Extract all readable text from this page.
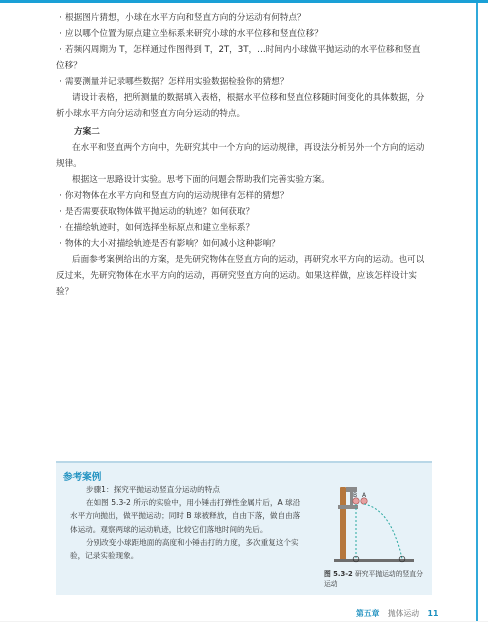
· 根据图片猜想，小球在水平方向和竖直方向的分运动有何特点？

· 应以哪个位置为原点建立坐标系来研究小球的水平位移和竖直位移？

· 若频闪周期为 T，怎样通过作图得到 T，2T，3T，…时间内小球做平抛运动的水平位移和竖直位移？

· 需要测量并记录哪些数据？怎样用实验数据检验你的猜想？

请设计表格，把所测量的数据填入表格，根据水平位移和竖直位移随时间变化的具体数据，分析小球水平方向分运动和竖直方向分运动的特点。

方案二

在水平和竖直两个方向中，先研究其中一个方向的运动规律，再设法分析另外一个方向的运动规律。

根据这一思路设计实验。思考下面的问题会帮助我们完善实验方案。

· 你对物体在水平方向和竖直方向的运动规律有怎样的猜想？

· 是否需要获取物体做平抛运动的轨迹？如何获取？

· 在描绘轨迹时，如何选择坐标原点和建立坐标系？

· 物体的大小对描绘轨迹是否有影响？如何减小这种影响？

后面参考案例给出的方案，是先研究物体在竖直方向的运动，再研究水平方向的运动。也可以反过来，先研究物体在水平方向的运动，再研究竖直方向的运动。如果这样做，应该怎样设计实验？

参考案例

步骤1：探究平抛运动竖直分运动的特点

在如图 5.3-2 所示的实验中，用小锤击打弹性金属片后，A 球沿水平方向抛出，做平抛运动；同时 B 球被释放，自由下落，做自由落体运动。观察两球的运动轨迹，比较它们落地时间的先后。

分别改变小球距地面的高度和小锤击打的力度，多次重复这个实验，记录实验现象。

B A
图 5.3-2 研究平抛运动的竖直分运动
第五章 抛体运动 11
